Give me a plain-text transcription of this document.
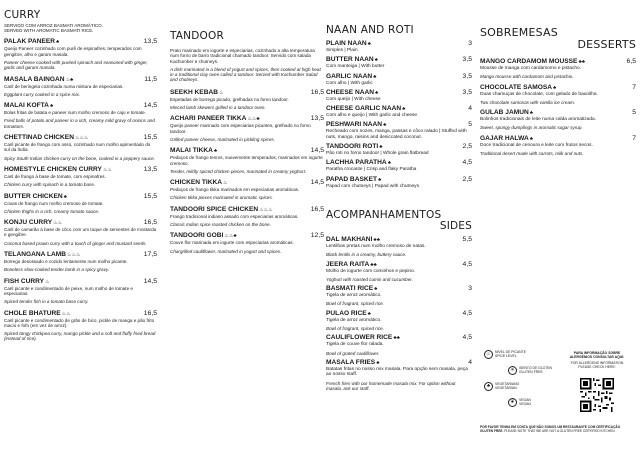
CURRY
SERVIDO COM ARROZ BASMATI AROMÁTICO.
SERVED WITH AROMATIC BASMATI RICE.
PALAK PANEER♣	13,5
Queijo Paneer cozinhado com purê de espinafres, temperados com gengibre, alho e garam masala.
Paneer cheese cooked with puréed spinach and seasoned with ginger, garlic and garam masala.
MASALA BAINGAN♨♣	11,5
Caril de beringela cozinhada numa mistura de especiarias.
Eggplant curry cooked in a spice mix.
MALAI KOFTA♣	14,5
Bolas fritas de batata e paneer num molho cremoso de caju e tomate.
Fried balls of potato and paneer in a rich, creamy mild gravy of onions and tomatoes.
CHETTINAD CHICKEN♨♨♨	15,5
Caril picante de frango com osso, cozinhado num molho apimentado do sul da Índia.
Spicy South Indian chicken curry on the bone, cooked in a peppery sauce.
HOMESTYLE CHICKEN CURRY♨♨	13,5
Caril de frango à base de tomate, com espinafres.
Chicken curry with spinach in a tomato base.
BUTTER CHICKEN♣	15,5
Coxas de frango num molho cremoso de tomate.
Chicken thighs in a rich, creamy tomato sauce.
KONJU CURRY♨♨	16,5
Caril de camarão à base de côco com um toque de sementes de mostarda e gengibre.
Coconut based prawn curry with a touch of ginger and mustard seeds.
TELANGANA LAMB♨♨♨	17,5
Borrego desossado e cozido lentamente num molho picante.
Boneless slow-cooked tender lamb in a spicy gravy.
FISH CURRY♨	14,5
Caril picante e condimentado de peixe, num molho de tomate e especiarias.
Spiced tender fish in a tomato base curry.
CHOLE BHATURE♨♨	16,5
Caril picante e condimentado de grão de bico, pickle de manga e pão frito macio e fofo (em vez de arroz).
Spiced tangy chickpea curry, mango pickle and a soft and fluffy fried bread (instead of rice).
TANDOOR
Prato marinado em iogurte e especiarias, cozinhado a alta temperatura num forno de barro tradicional chamado tandoor. Servido com salada Kachumber e chutneys.
A dish marinated in a blend of yogurt and spices, then cooked at high heat in a traditional clay oven called a tandoor. Served with Kachumber Salad and chutneys.
SEEKH KEBAB♨	16,5
Espetadas de borrego picado, grelhadas no forno tandoor.
Minced lamb skewers grilled in a tandoor oven.
ACHARI PANEER TIKKA♨♨♣	13,5
Queijo paneer marinado com especiarias picantes, grelhado no forno tandoor.
Grilled paneer cheese, marinated in pickling spices.
MALAI TIKKA♣	14,5
Pedaços de frango tenros, suavemente temperados, marinados em iogurte cremoso.
Tender, mildly spiced chicken pieces, marinated in creamy yoghurt.
CHICKEN TIKKA♨	14,5
Pedaços de frango tikka marinados em especiarias aromáticas.
Chicken tikka pieces marinated in aromatic spices.
TANDOORI SPICE CHICKEN♨♨♨	16,5
Frango tradicional indiano assado com especiarias aromáticas.
Classic Indian spice roasted chicken on the bone.
TANDOORI GOBI♨♨♣	12,5
Couve flor marinada em iogurte com especiarias aromáticas.
Chargrilled cauliflower, marinated in yogurt and spices.
NAAN AND ROTI
PLAIN NAAN♣	3
Simples | Plain
BUTTER NAAN♣	3,5
Com manteiga | With butter
GARLIC NAAN♣	3,5
Com alho | With garlic
CHEESE NAAN♣	3,5
Com queijo | With cheese
CHEESE GARLIC NAAN♣	4
Com alho e queijo | With garlic and cheese
PESHWARI NAAN♣	5
Recheado com nozes, manga, passas e côco ralado | Stuffed with nuts, mango, raisins and desiccated coconut.
TANDOORI ROTI♣	2,5
Pão roti no forno tandoor | Whole grain flatbread
LACHHA PARATHA♣	4,5
Paratha crocante | Crisp and flaky Paratha
PAPAD BASKET♣	2,5
Papad com chutneys | Papad with chutneys
ACOMPANHAMENTOS
SIDES
DAL MAKHANI♣♣	5,5
Lentilhas pretas num molho cremoso de natas.
Black lentils in a creamy, buttery sauce.
JEERA RAITA♣♣	4,5
Molho de iogurte com cominhos e pepino.
Yoghurt with roasted cumin and cucumber.
BASMATI RICE♣	3
Tigela de arroz aromático.
Bowl of fragrant, spiced rice.
PULAO RICE♣	4,5
Tigela de arroz aromático.
Bowl of fragrant, spiced rice.
CAULIFLOWER RICE♣♣	4,5
Tigela de couve flor ralada.
Bowl of grated cauliflower.
MASALA FRIES♣	4
Batatas fritas no nosso mix masala. Para opção sem masala, peça ao nosso staff.
French fries with our homemade masala mix. For option without masala, ask our staff.
SOBREMESAS
DESSERTS
MANGO CARDAMOM MOUSSE♣♣	6,5
Mousse de manga com cardamomo e pistacho.
Mango mousse with cardamom and pistachio.
CHOCOLATE SAMOSA♣	7
Duas chamuças de chocolate, com gelado de baunilha.
Two chocolate samosas with vanilla ice cream.
GULAB JAMUN♣	5
Bolinhos tradicionais de leite numa calda aromatizada.
Sweet, spongy dumplings in aromatic sugar syrup.
GAJAR HALWA♣	7
Doce tradicional de cenoura e leite com frutos secos.
Traditional desert made with carrots, milk and nuts.
♨	NÍVEL DE PICANTE
SPICE LEVEL
✳	ISENTO DE GLÚTEN
GLUTEN FREE
♣	VEGETARIANO
VEGETARIAN
❦	VEGAN
VEGAN
PARA INFORMAÇÃO SOBRE ALERGÉNIOS CONSULTAR AQUI:
FOR ALLERGENS INFORMATION PLEASE CHECK HERE:
POR FAVOR TENHA EM CONTA QUE NÃO SOMOS UM RESTAURANTE COM CERTIFICAÇÃO GLUTEN FREE. PLEASE NOTE THAT WE ARE NOT A GLUTEN FREE CERTIFIED KITCHEN.
